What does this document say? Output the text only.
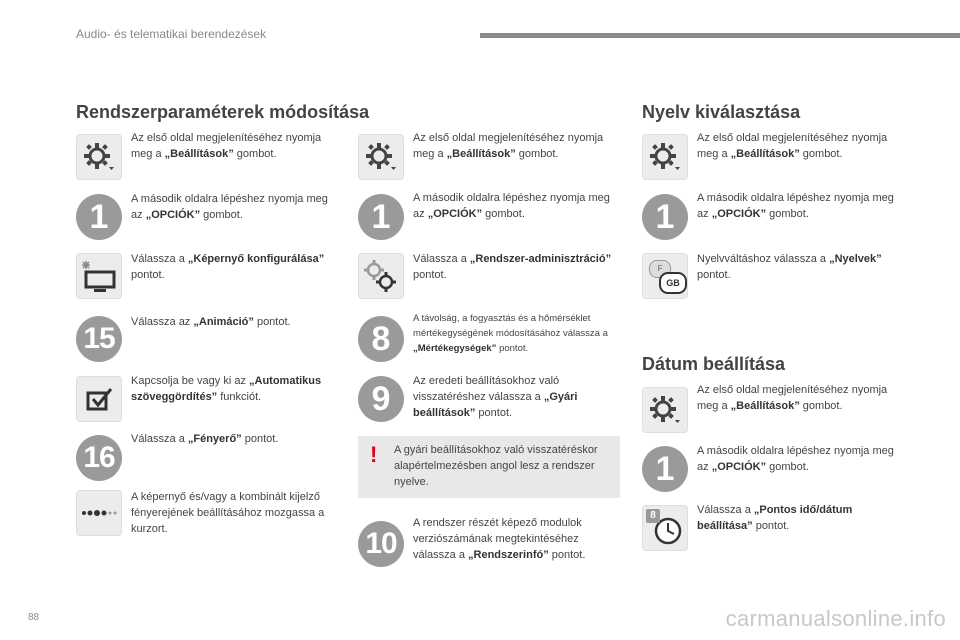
Audio- és telematikai berendezések
Rendszerparaméterek módosítása
Az első oldal megjelenítéséhez nyomja meg a „Beállítások” gombot.
1 A második oldalra lépéshez nyomja meg az „OPCIÓK” gombot.
Válassza a „Képernyő konfigurálása” pontot.
15 Válassza az „Animáció” pontot.
Kapcsolja be vagy ki az „Automatikus szöveggördítés” funkciót.
16
Válassza a „Fényerő” pontot.
A képernyő és/vagy a kombinált kijelző fényerejének beállításához mozgassa a kurzort.
Az első oldal megjelenítéséhez nyomja meg a „Beállítások” gombot.
1 A második oldalra lépéshez nyomja meg az „OPCIÓK” gombot.
Válassza a „Rendszer-adminisztráció” pontot.
8
A távolság, a fogyasztás és a hőmérséklet mértékegységének módosításához válassza a „Mértékegységek” pontot.
9 Az eredeti beállításokhoz való visszatéréshez válassza a „Gyári beállítások” pontot.
! A gyári beállításokhoz való visszatéréskor alapértelmezésben angol lesz a rendszer nyelve.
10
A rendszer részét képező modulok verziószámának megtekintéséhez válassza a „Rendszerinfó” pontot.
Nyelv kiválasztása
Az első oldal megjelenítéséhez nyomja meg a „Beállítások” gombot.
1 A második oldalra lépéshez nyomja meg az „OPCIÓK” gombot.
F
GB
Nyelvváltáshoz válassza a „Nyelvek” pontot.
Dátum beállítása
Az első oldal megjelenítéséhez nyomja meg a „Beállítások” gombot.
1 A második oldalra lépéshez nyomja meg az „OPCIÓK” gombot.
8	Válassza a „Pontos idő/dátum beállítása” pontot.
88	carmanualsonline.info
